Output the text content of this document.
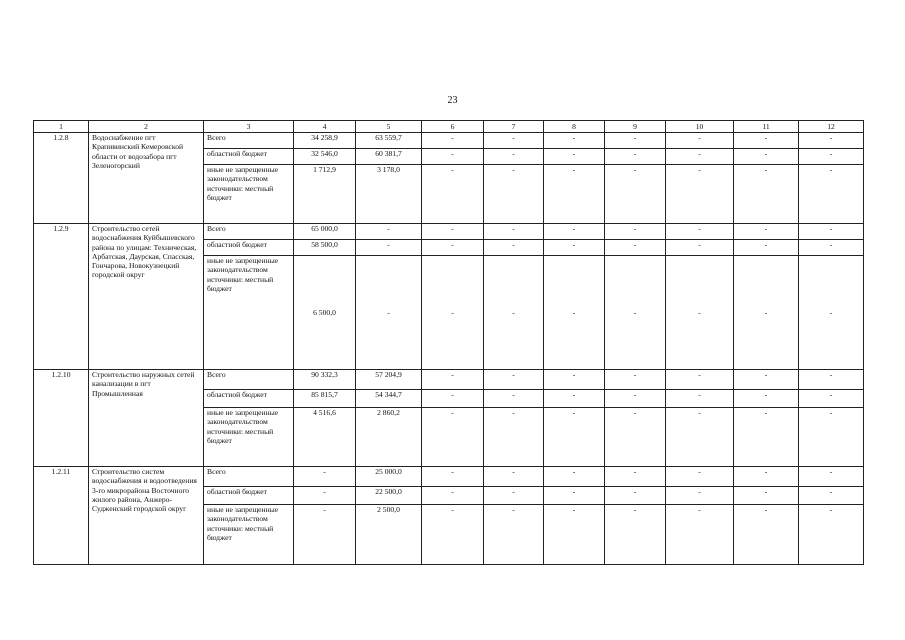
23
1	2	3	4	5	6	7	8	9	10	11	12
1.2.8	Водоснабжение пгт Крапивинский Кемеровской области от водозабора пгт Зеленогорский	Всего	34 258,9	63 559,7	-	-	-	-	-	-	-
		областной бюджет	32 546,0	60 381,7	-	-	-	-	-	-	-
		иные не запрещенные законодательством источники: местный бюджет	1 712,9	3 178,0	-	-	-	-	-	-	-
1.2.9	Строительство сетей водоснабжения Куйбышевского района по улицам: Техническая, Арбатская, Даурская, Спасская, Гончарова, Новокузнецкий городской округ	Всего	65 000,0	-	-	-	-	-	-	-	-
		областной бюджет	58 500,0	-	-	-	-	-	-	-	-
		иные не запрещенные законодательством источники: местный бюджет	6 500,0	-	-	-	-	-	-	-	-
1.2.10	Строительство наружных сетей канализации в пгт Промышленная	Всего	90 332,3	57 204,9	-	-	-	-	-	-	-
		областной бюджет	85 815,7	54 344,7	-	-	-	-	-	-	-
		иные не запрещенные законодательством источники: местный бюджет	4 516,6	2 860,2	-	-	-	-	-	-	-
1.2.11	Строительство систем водоснабжения и водоотведения 3-го микрорайона Восточного жилого района, Анжеро-Судженский городской округ	Всего	-	25 000,0	-	-	-	-	-	-	-
		областной бюджет	-	22 500,0	-	-	-	-	-	-	-
		иные не запрещенные законодательством источники: местный бюджет	-	2 500,0	-	-	-	-	-	-	-
